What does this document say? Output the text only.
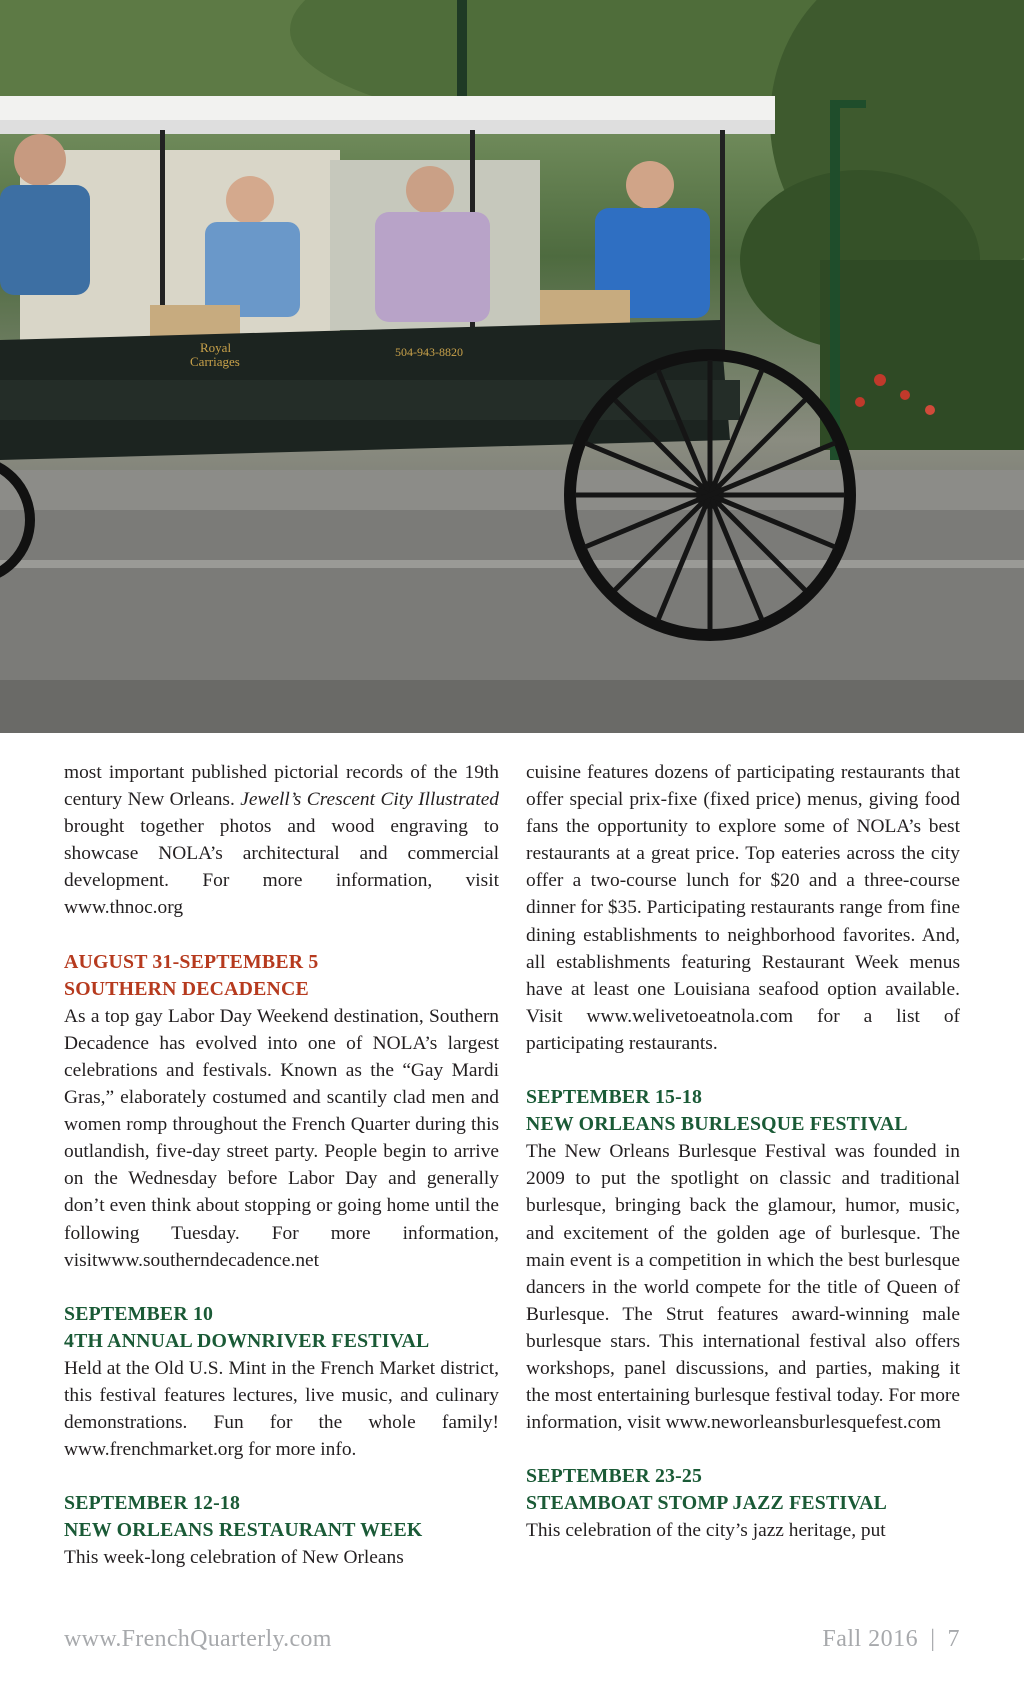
Royal
Carriages
504-943-8820

most important published pictorial records of the 19th century New Orleans. Jewell’s Crescent City Illustrated brought together photos and wood engraving to showcase NOLA’s architectural and commercial development. For more information, visit www.thnoc.org

AUGUST 31-SEPTEMBER 5
SOUTHERN DECADENCE

As a top gay Labor Day Weekend destination, Southern Decadence has evolved into one of NOLA’s largest celebrations and festivals. Known as the “Gay Mardi Gras,” elaborately costumed and scantily clad men and women romp throughout the French Quarter during this outlandish, five-day street party. People begin to arrive on the Wednesday before Labor Day and generally don’t even think about stopping or going home until the following Tuesday. For more information, visitwww.southerndecadence.net

SEPTEMBER 10
4TH ANNUAL DOWNRIVER FESTIVAL

Held at the Old U.S. Mint in the French Market district, this festival features lectures, live music, and culinary demonstrations. Fun for the whole family! www.frenchmarket.org for more info.

SEPTEMBER 12-18
NEW ORLEANS RESTAURANT WEEK

This week-long celebration of New Orleans

cuisine features dozens of participating restaurants that offer special prix-fixe (fixed price) menus, giving food fans the opportunity to explore some of NOLA’s best restaurants at a great price. Top eateries across the city offer a two-course lunch for $20 and a three-course dinner for $35. Participating restaurants range from fine dining establishments to neighborhood favorites. And, all establishments featuring Restaurant Week menus have at least one Louisiana seafood option available. Visit www.welivetoeatnola.com for a list of participating restaurants.

SEPTEMBER 15-18
NEW ORLEANS BURLESQUE FESTIVAL

The New Orleans Burlesque Festival was founded in 2009 to put the spotlight on classic and traditional burlesque, bringing back the glamour, humor, music, and excitement of the golden age of burlesque. The main event is a competition in which the best burlesque dancers in the world compete for the title of Queen of Burlesque. The Strut features award-winning male burlesque stars. This international festival also offers workshops, panel discussions, and parties, making it the most entertaining burlesque festival today. For more information, visit www.neworleansburlesquefest.com

SEPTEMBER 23-25
STEAMBOAT STOMP JAZZ FESTIVAL

This celebration of the city’s jazz heritage, put

www.FrenchQuarterly.com	Fall 2016 | 7
